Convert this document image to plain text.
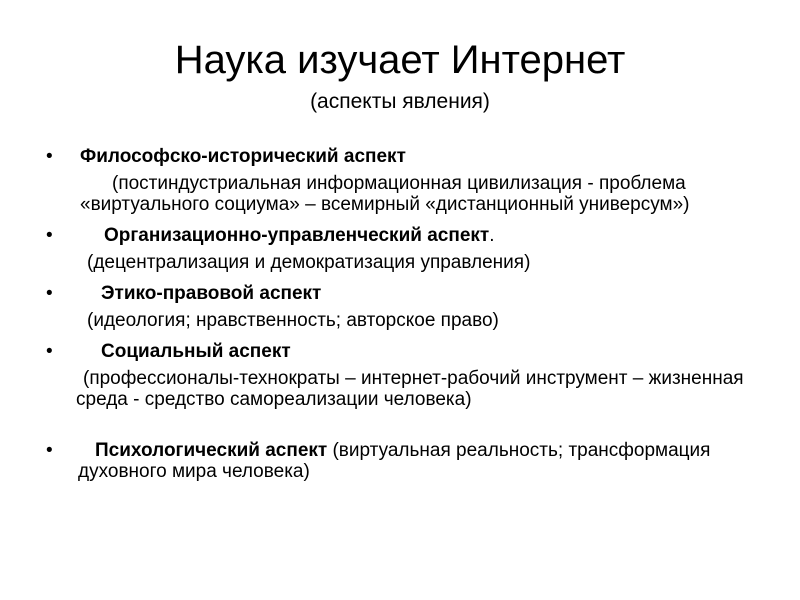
Наука изучает Интернет
(аспекты явления)
• Философско-исторический аспект
(постиндустриальная информационная цивилизация - проблема «виртуального социума» – всемирный «дистанционный универсум»)
•	Организационно-управленческий аспект.
(децентрализация и демократизация управления)
•	Этико-правовой аспект
(идеология; нравственность; авторское право)
•	Социальный аспект
(профессионалы-технократы – интернет-рабочий инструмент – жизненная среда - средство самореализации человека)
• Психологический аспект (виртуальная реальность; трансформация духовного мира человека)
